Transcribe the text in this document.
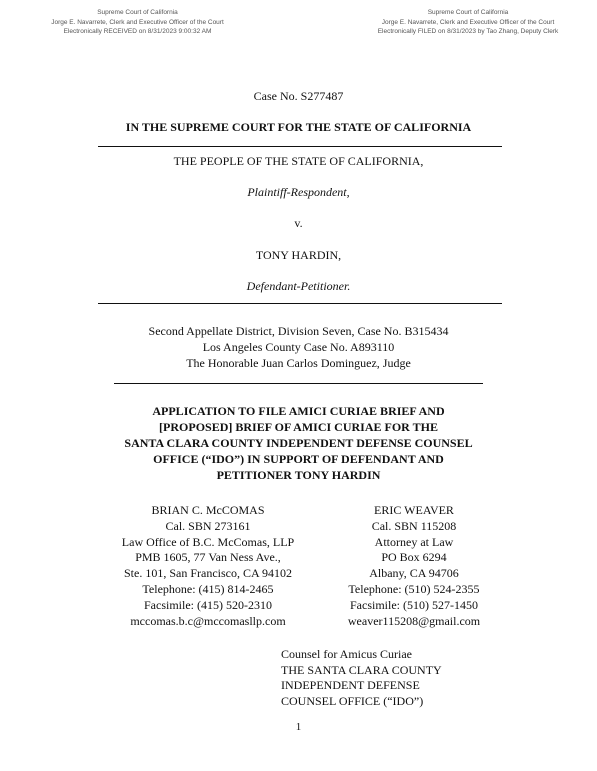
Supreme Court of California
Jorge E. Navarrete, Clerk and Executive Officer of the Court
Electronically RECEIVED on 8/31/2023 9:00:32 AM
Supreme Court of California
Jorge E. Navarrete, Clerk and Executive Officer of the Court
Electronically FILED on 8/31/2023 by Tao Zhang, Deputy Clerk
Case No. S277487
IN THE SUPREME COURT FOR THE STATE OF CALIFORNIA
THE PEOPLE OF THE STATE OF CALIFORNIA,
Plaintiff-Respondent,
v.
TONY HARDIN,
Defendant-Petitioner.
Second Appellate District, Division Seven, Case No. B315434
Los Angeles County Case No. A893110
The Honorable Juan Carlos Dominguez, Judge
APPLICATION TO FILE AMICI CURIAE BRIEF AND
[PROPOSED] BRIEF OF AMICI CURIAE FOR THE
SANTA CLARA COUNTY INDEPENDENT DEFENSE COUNSEL
OFFICE (“IDO”) IN SUPPORT OF DEFENDANT AND
PETITIONER TONY HARDIN
BRIAN C. McCOMAS
Cal. SBN 273161
Law Office of B.C. McComas, LLP
PMB 1605, 77 Van Ness Ave.,
Ste. 101, San Francisco, CA 94102
Telephone: (415) 814-2465
Facsimile: (415) 520-2310
mccomas.b.c@mccomasllp.com
ERIC WEAVER
Cal. SBN 115208
Attorney at Law
PO Box 6294
Albany, CA 94706
Telephone: (510) 524-2355
Facsimile: (510) 527-1450
weaver115208@gmail.com
Counsel for Amicus Curiae
THE SANTA CLARA COUNTY
INDEPENDENT DEFENSE
COUNSEL OFFICE (“IDO”)
1
